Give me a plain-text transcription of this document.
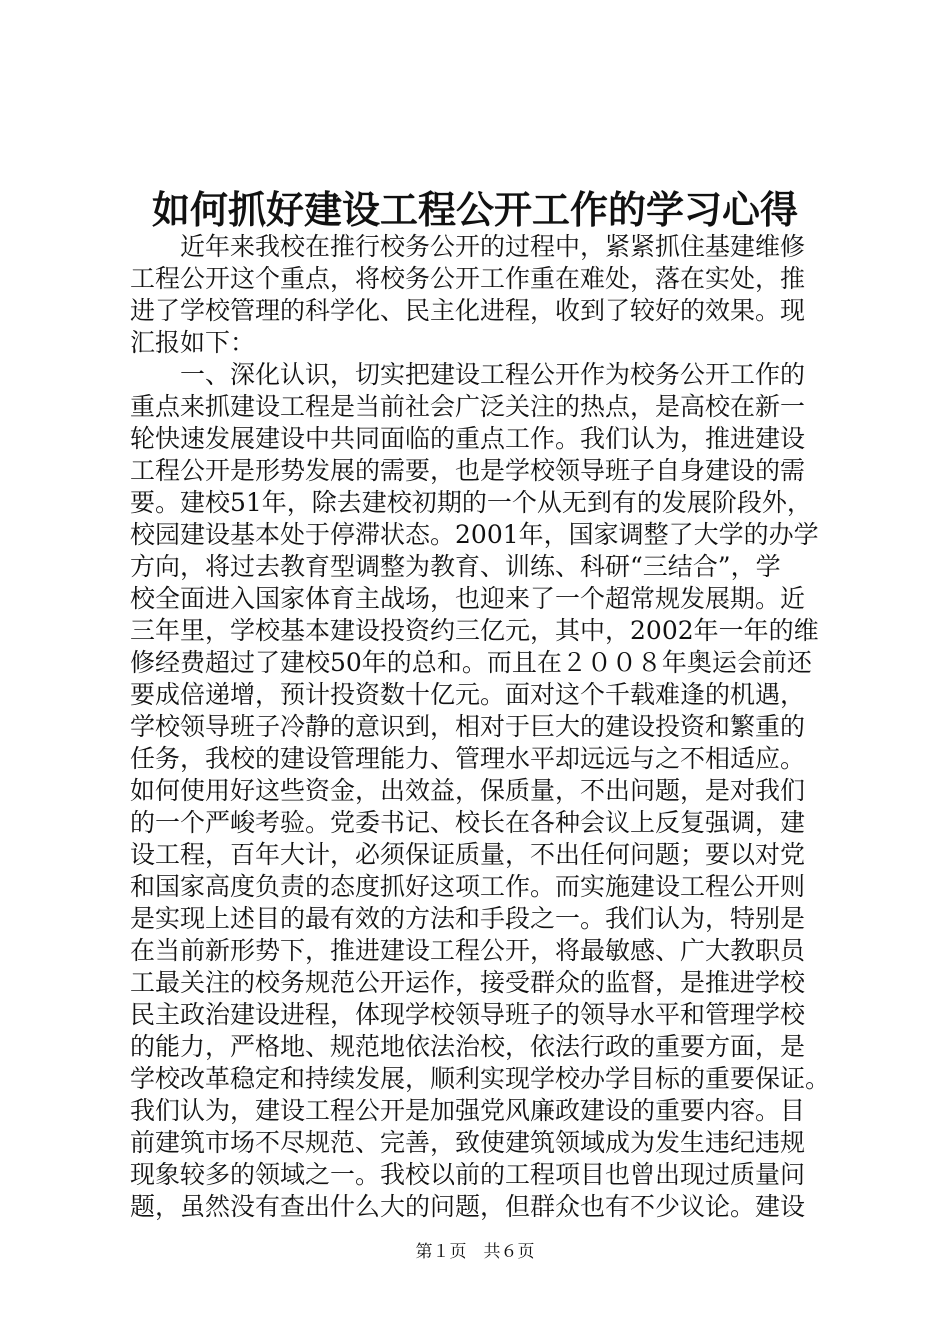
如何抓好建设工程公开工作的学习心得
　　近年来我校在推行校务公开的过程中，紧紧抓住基建维修
工程公开这个重点，将校务公开工作重在难处，落在实处，推
进了学校管理的科学化、民主化进程，收到了较好的效果。现
汇报如下：
　　一、深化认识，切实把建设工程公开作为校务公开工作的
重点来抓建设工程是当前社会广泛关注的热点，是高校在新一
轮快速发展建设中共同面临的重点工作。我们认为，推进建设
工程公开是形势发展的需要，也是学校领导班子自身建设的需
要。建校51年，除去建校初期的一个从无到有的发展阶段外，
校园建设基本处于停滞状态。2001年，国家调整了大学的办学
方向，将过去教育型调整为教育、训练、科研“三结合”，学
校全面进入国家体育主战场，也迎来了一个超常规发展期。近
三年里，学校基本建设投资约三亿元，其中，2002年一年的维
修经费超过了建校50年的总和。而且在２００８年奥运会前还
要成倍递增，预计投资数十亿元。面对这个千载难逢的机遇，
学校领导班子冷静的意识到，相对于巨大的建设投资和繁重的
任务，我校的建设管理能力、管理水平却远远与之不相适应。
如何使用好这些资金，出效益，保质量，不出问题，是对我们
的一个严峻考验。党委书记、校长在各种会议上反复强调，建
设工程，百年大计，必须保证质量，不出任何问题；要以对党
和国家高度负责的态度抓好这项工作。而实施建设工程公开则
是实现上述目的最有效的方法和手段之一。我们认为，特别是
在当前新形势下，推进建设工程公开，将最敏感、广大教职员
工最关注的校务规范公开运作，接受群众的监督，是推进学校
民主政治建设进程，体现学校领导班子的领导水平和管理学校
的能力，严格地、规范地依法治校，依法行政的重要方面，是
学校改革稳定和持续发展，顺利实现学校办学目标的重要保证。
我们认为，建设工程公开是加强党风廉政建设的重要内容。目
前建筑市场不尽规范、完善，致使建筑领域成为发生违纪违规
现象较多的领域之一。我校以前的工程项目也曾出现过质量问
题，虽然没有查出什么大的问题，但群众也有不少议论。建设
第１页　共６页
